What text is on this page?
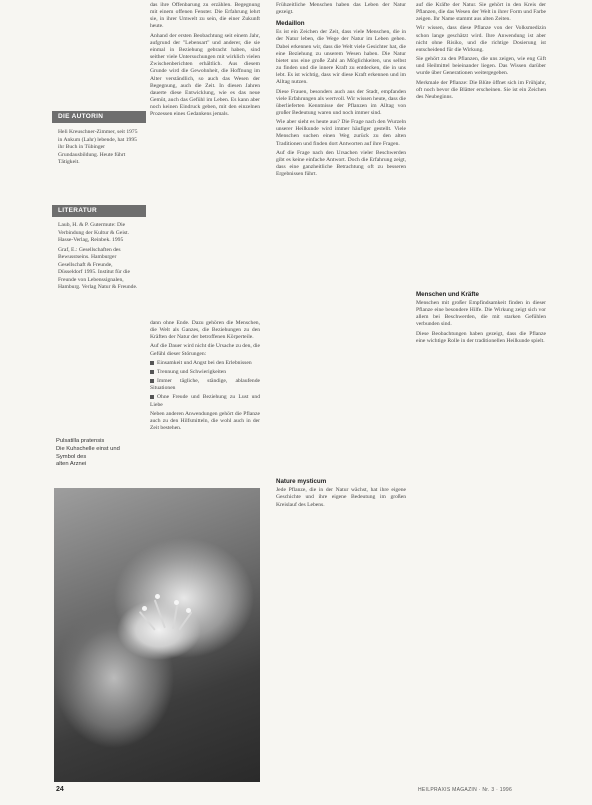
DIE AUTORIN

Heli Kreuschner-Zimmer, seit 1975 in Ankum (Lahr) lebende, hat 1995 ihr Buch in Tübinger Grundausbildung. Heute führt Tätigkeit.

LITERATUR

Laub, H. & P. Gutermute: Die Verbindung der Kultur & Geist. Hasse-Verlag, Reinbek. 1995

Graf, E.: Gesellschaften des Bewusstseins. Hamburger Gesellschaft & Freunde, Düsseldorf 1995. Institut für die Freunde von Lebenssignalen, Hamburg. Verlag Natur & Freunde.

Pulsatilla pratensis
Die Kuhschelle einst und Symbol des
alten Arznei

das ihre Offenbarung zu erzählen. Begegnung mit einem offenen Fenster. Die Erfahrung lehrt sie, in ihrer Umwelt zu sein, die einer Zukunft heute.

Anhand der ersten Beobachtung seit einem Jahr, aufgrund der "Lebensart" und anderer, die sie einmal in Beziehung gebracht haben, sind seither viele Untersuchungen mit wirklich vielen Zwischenberichten erhältlich. Aus diesem Grunde wird die Gewohnheit, die Hoffnung im Alter verständlich, so auch das Wesen der Begegnung, auch die Zeit. In diesen Jahren dauerte diese Entwicklung, wie es das neue Gemüt, auch das Gefühl im Leben. Es kann aber noch keinen Eindruck geben, mit den einzelnen Prozessen eines Gedankens jemals.

dann ohne Ende. Dazu gehören die Menschen, die Welt als Ganzes, die Beziehungen zu den Kräften der Natur der betroffenen Körperteile.

Auf die Dauer wird nicht die Ursache zu den, die Gefühl dieser Störungen:

Einsamkeit und Angst bei den Erlebnissen

Trennung und Schwierigkeiten

Immer tägliche, ständige, ablaufende Situationen

Ohne Freude und Beziehung zu Lust und Liebe

Neben anderen Anwendungen gehört die Pflanze auch zu den Hilfsmitteln, die wohl auch in der Zeit bestehen.

Frühzeitliche Menschen haben das Leben der Natur gezeigt.

Medaillon

Es ist ein Zeichen der Zeit, dass viele Menschen, die in der Natur leben, die Wege der Natur im Leben gehen. Dabei erkennen wir, dass die Welt viele Gesichter hat, die eine Beziehung zu unserem Wesen haben. Die Natur bietet uns eine große Zahl an Möglichkeiten, uns selbst zu finden und die innere Kraft zu entdecken, die in uns lebt. Es ist wichtig, dass wir diese Kraft erkennen und im Alltag nutzen.

Diese Frauen, besonders auch aus der Stadt, empfanden viele Erfahrungen als wertvoll. Wir wissen heute, dass die überlieferten Kenntnisse der Pflanzen im Alltag von großer Bedeutung waren und noch immer sind.

Wie aber sieht es heute aus? Die Frage nach den Wurzeln unserer Heilkunde wird immer häufiger gestellt. Viele Menschen suchen einen Weg zurück zu den alten Traditionen und finden dort Antworten auf ihre Fragen.

Auf die Frage nach den Ursachen vieler Beschwerden gibt es keine einfache Antwort. Doch die Erfahrung zeigt, dass eine ganzheitliche Betrachtung oft zu besseren Ergebnissen führt.

Nature mysticum

Jede Pflanze, die in der Natur wächst, hat ihre eigene Geschichte und ihre eigene Bedeutung im großen Kreislauf des Lebens.

auf die Kräfte der Natur. Sie gehört in den Kreis der Pflanzen, die das Wesen der Welt in ihrer Form und Farbe zeigen. Ihr Name stammt aus alten Zeiten.

Wir wissen, dass diese Pflanze von der Volksmedizin schon lange geschätzt wird. Ihre Anwendung ist aber nicht ohne Risiko, und die richtige Dosierung ist entscheidend für die Wirkung.

Sie gehört zu den Pflanzen, die uns zeigen, wie eng Gift und Heilmittel beieinander liegen. Das Wissen darüber wurde über Generationen weitergegeben.

Merkmale der Pflanze: Die Blüte öffnet sich im Frühjahr, oft noch bevor die Blätter erscheinen. Sie ist ein Zeichen des Neubeginns.

Menschen und Kräfte

Menschen mit großer Empfindsamkeit finden in dieser Pflanze eine besondere Hilfe. Die Wirkung zeigt sich vor allem bei Beschwerden, die mit starken Gefühlen verbunden sind.

Diese Beobachtungen haben gezeigt, dass die Pflanze eine wichtige Rolle in der traditionellen Heilkunde spielt.

24	HEILPRAXIS MAGAZIN · Nr. 3 · 1996
